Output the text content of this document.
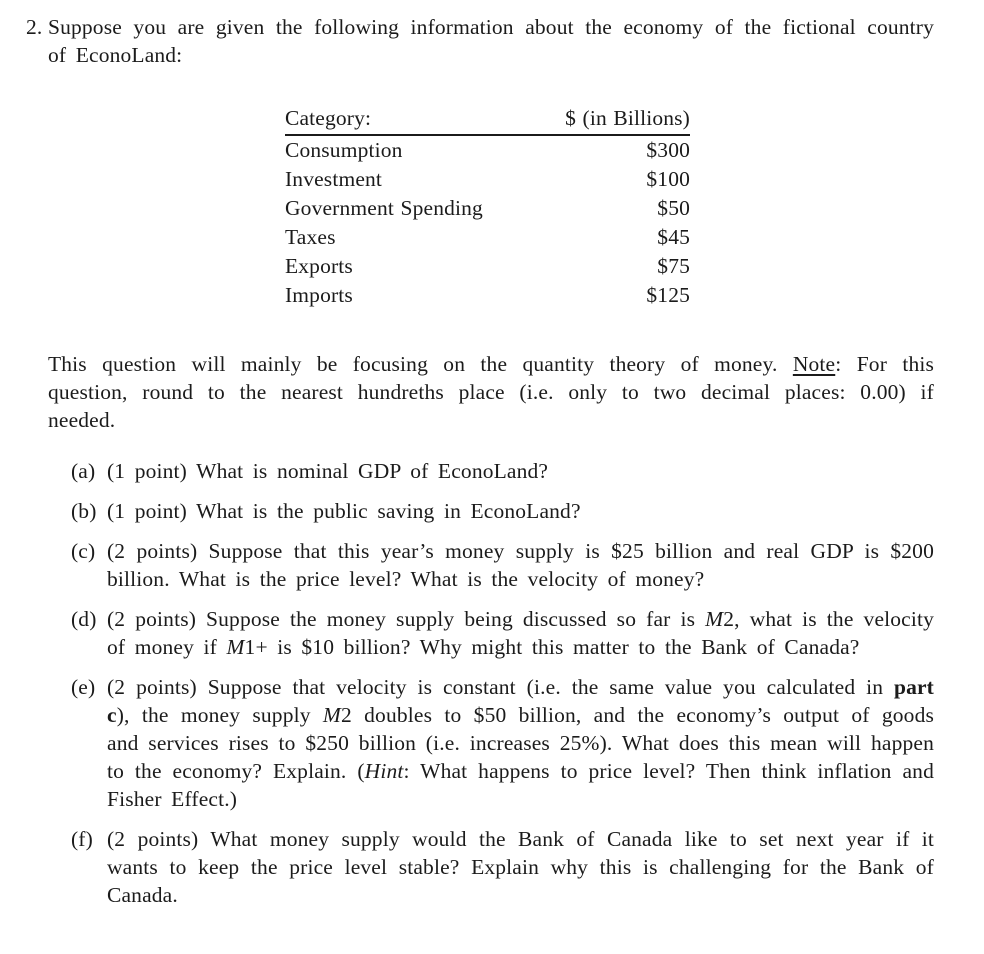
2. Suppose you are given the following information about the economy of the fictional country of EconoLand:

Category:	$ (in Billions)
Consumption	$300
Investment	$100
Government Spending	$50
Taxes	$45
Exports	$75
Imports	$125

This question will mainly be focusing on the quantity theory of money. Note: For this question, round to the nearest hundreths place (i.e. only to two decimal places: 0.00) if needed.

(a) (1 point) What is nominal GDP of EconoLand?
(b) (1 point) What is the public saving in EconoLand?
(c) (2 points) Suppose that this year’s money supply is $25 billion and real GDP is $200 billion. What is the price level? What is the velocity of money?
(d) (2 points) Suppose the money supply being discussed so far is M2, what is the velocity of money if M1+ is $10 billion? Why might this matter to the Bank of Canada?
(e) (2 points) Suppose that velocity is constant (i.e. the same value you calculated in part c), the money supply M2 doubles to $50 billion, and the economy’s output of goods and services rises to $250 billion (i.e. increases 25%). What does this mean will happen to the economy? Explain. (Hint: What happens to price level? Then think inflation and Fisher Effect.)
(f) (2 points) What money supply would the Bank of Canada like to set next year if it wants to keep the price level stable? Explain why this is challenging for the Bank of Canada.
